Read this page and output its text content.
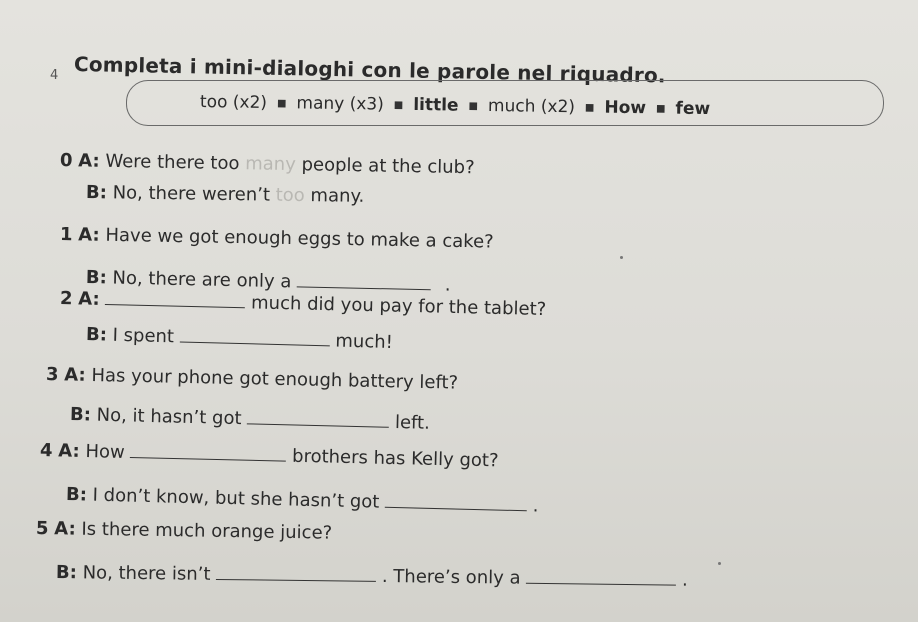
4 Completa i mini-dialoghi con le parole nel riquadro.
too (x2) ■ many (x3) ■ little ■ much (x2) ■ How ■ few
0 A: Were there too many people at the club?
B: No, there weren’t too many.
1 A: Have we got enough eggs to make a cake?
B: No, there are only a	.
2 A:	much did you pay for the tablet?
B: I spent	much!
3 A: Has your phone got enough battery left?
B: No, it hasn’t got	left.
4 A: How	brothers has Kelly got?
B: I don’t know, but she hasn’t got	.
5 A: Is there much orange juice?
B: No, there isn’t	. There’s only a	.
